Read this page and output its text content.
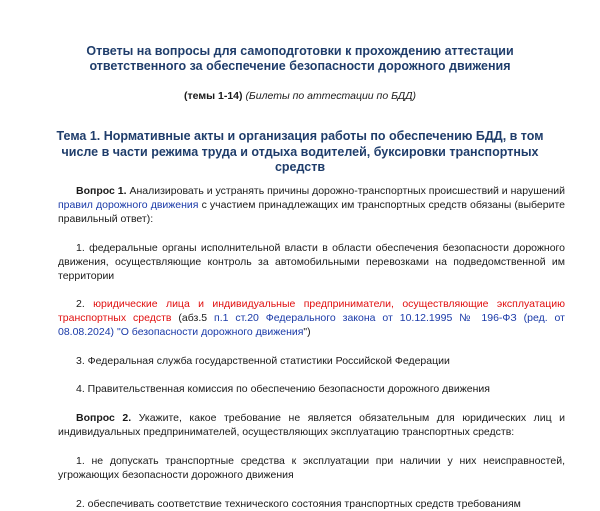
Ответы на вопросы для самоподготовки к прохождению аттестации ответственного за обеспечение безопасности дорожного движения
(темы 1-14) (Билеты по аттестации по БДД)
Тема 1. Нормативные акты и организация работы по обеспечению БДД, в том числе в части режима труда и отдыха водителей, буксировки транспортных средств
Вопрос 1. Анализировать и устранять причины дорожно-транспортных происшествий и нарушений правил дорожного движения с участием принадлежащих им транспортных средств обязаны (выберите правильный ответ):
1. федеральные органы исполнительной власти в области обеспечения безопасности дорожного движения, осуществляющие контроль за автомобильными перевозками на подведомственной им территории
2. юридические лица и индивидуальные предприниматели, осуществляющие эксплуатацию транспортных средств (абз.5 п.1 ст.20 Федерального закона от 10.12.1995 № 196-ФЗ (ред. от 08.08.2024) "О безопасности дорожного движения")
3. Федеральная служба государственной статистики Российской Федерации
4. Правительственная комиссия по обеспечению безопасности дорожного движения
Вопрос 2. Укажите, какое требование не является обязательным для юридических лиц и индивидуальных предпринимателей, осуществляющих эксплуатацию транспортных средств:
1. не допускать транспортные средства к эксплуатации при наличии у них неисправностей, угрожающих безопасности дорожного движения
2. обеспечивать соответствие технического состояния транспортных средств требованиям
